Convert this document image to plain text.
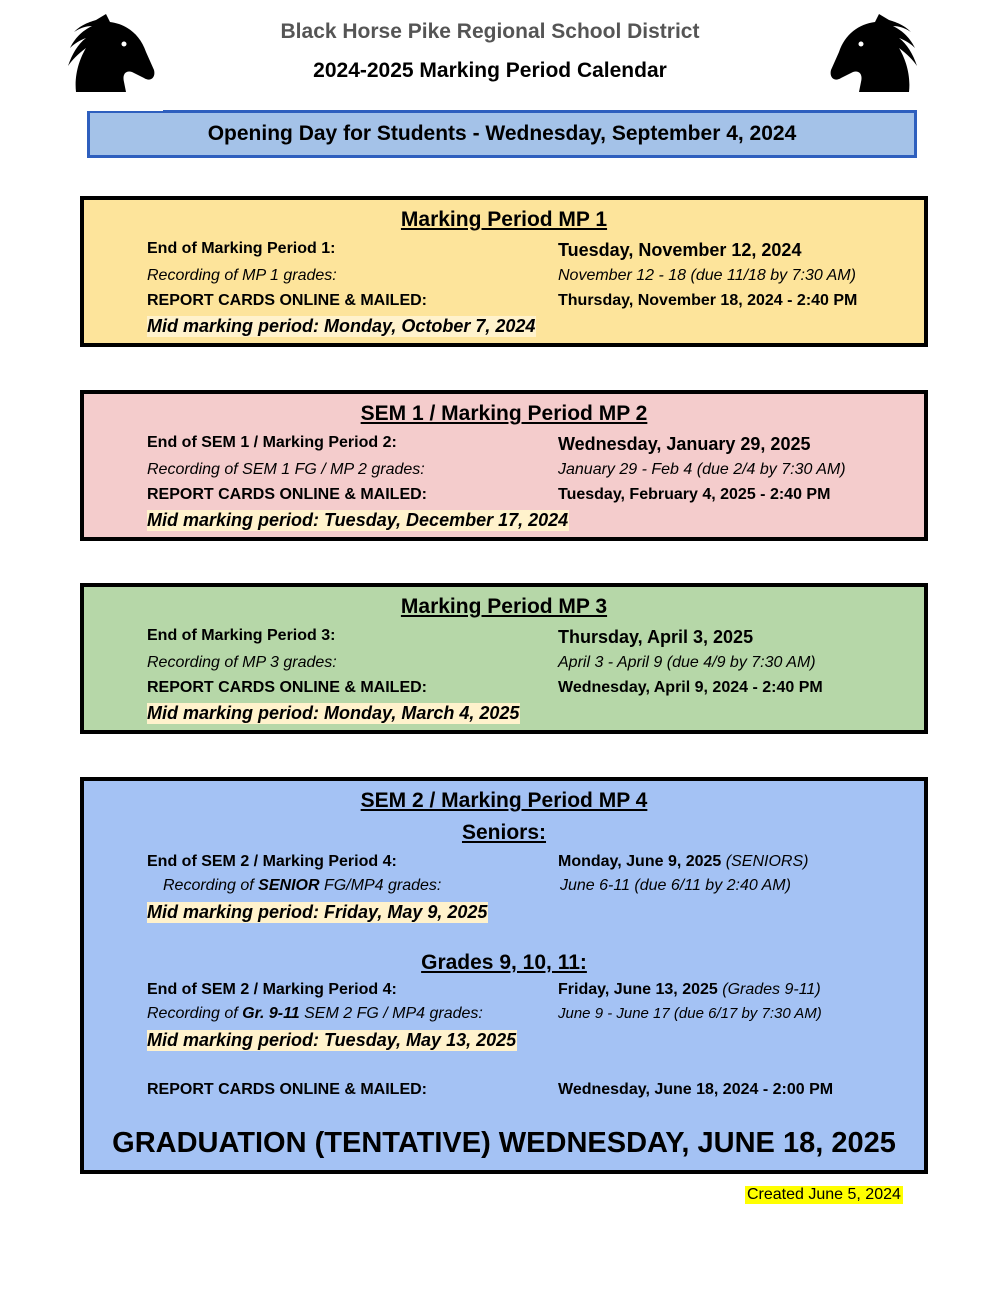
Black Horse Pike Regional School District
2024-2025 Marking Period Calendar
Opening Day for Students - Wednesday, September 4, 2024
Marking Period MP 1
End of Marking Period 1:	Tuesday, November 12, 2024
Recording of MP 1 grades:	November 12 - 18 (due 11/18 by 7:30 AM)
REPORT CARDS ONLINE & MAILED:	Thursday, November 18, 2024 - 2:40 PM
Mid marking period: Monday, October 7, 2024
SEM 1 / Marking Period MP 2
End of SEM 1 / Marking Period 2:	Wednesday, January 29, 2025
Recording of SEM 1 FG / MP 2 grades:	January 29 - Feb 4 (due 2/4 by 7:30 AM)
REPORT CARDS ONLINE & MAILED:	Tuesday, February 4, 2025 - 2:40 PM
Mid marking period: Tuesday, December 17, 2024
Marking Period MP 3
End of Marking Period 3:	Thursday, April 3, 2025
Recording of MP 3 grades:	April 3 - April 9 (due 4/9 by 7:30 AM)
REPORT CARDS ONLINE & MAILED:	Wednesday, April 9, 2024 - 2:40 PM
Mid marking period: Monday, March 4, 2025
SEM 2 / Marking Period MP 4
Seniors:
End of SEM 2 / Marking Period 4:	Monday, June 9, 2025 (SENIORS)
Recording of SENIOR FG/MP4 grades:	June 6-11 (due 6/11 by 2:40 AM)
Mid marking period: Friday, May 9, 2025
Grades 9, 10, 11:
End of SEM 2 / Marking Period 4:	Friday, June 13, 2025 (Grades 9-11)
Recording of Gr. 9-11 SEM 2 FG / MP4 grades:	June 9 - June 17 (due 6/17 by 7:30 AM)
Mid marking period: Tuesday, May 13, 2025
REPORT CARDS ONLINE & MAILED:	Wednesday, June 18, 2024 - 2:00 PM
GRADUATION (TENTATIVE) WEDNESDAY, JUNE 18, 2025
Created June 5, 2024
